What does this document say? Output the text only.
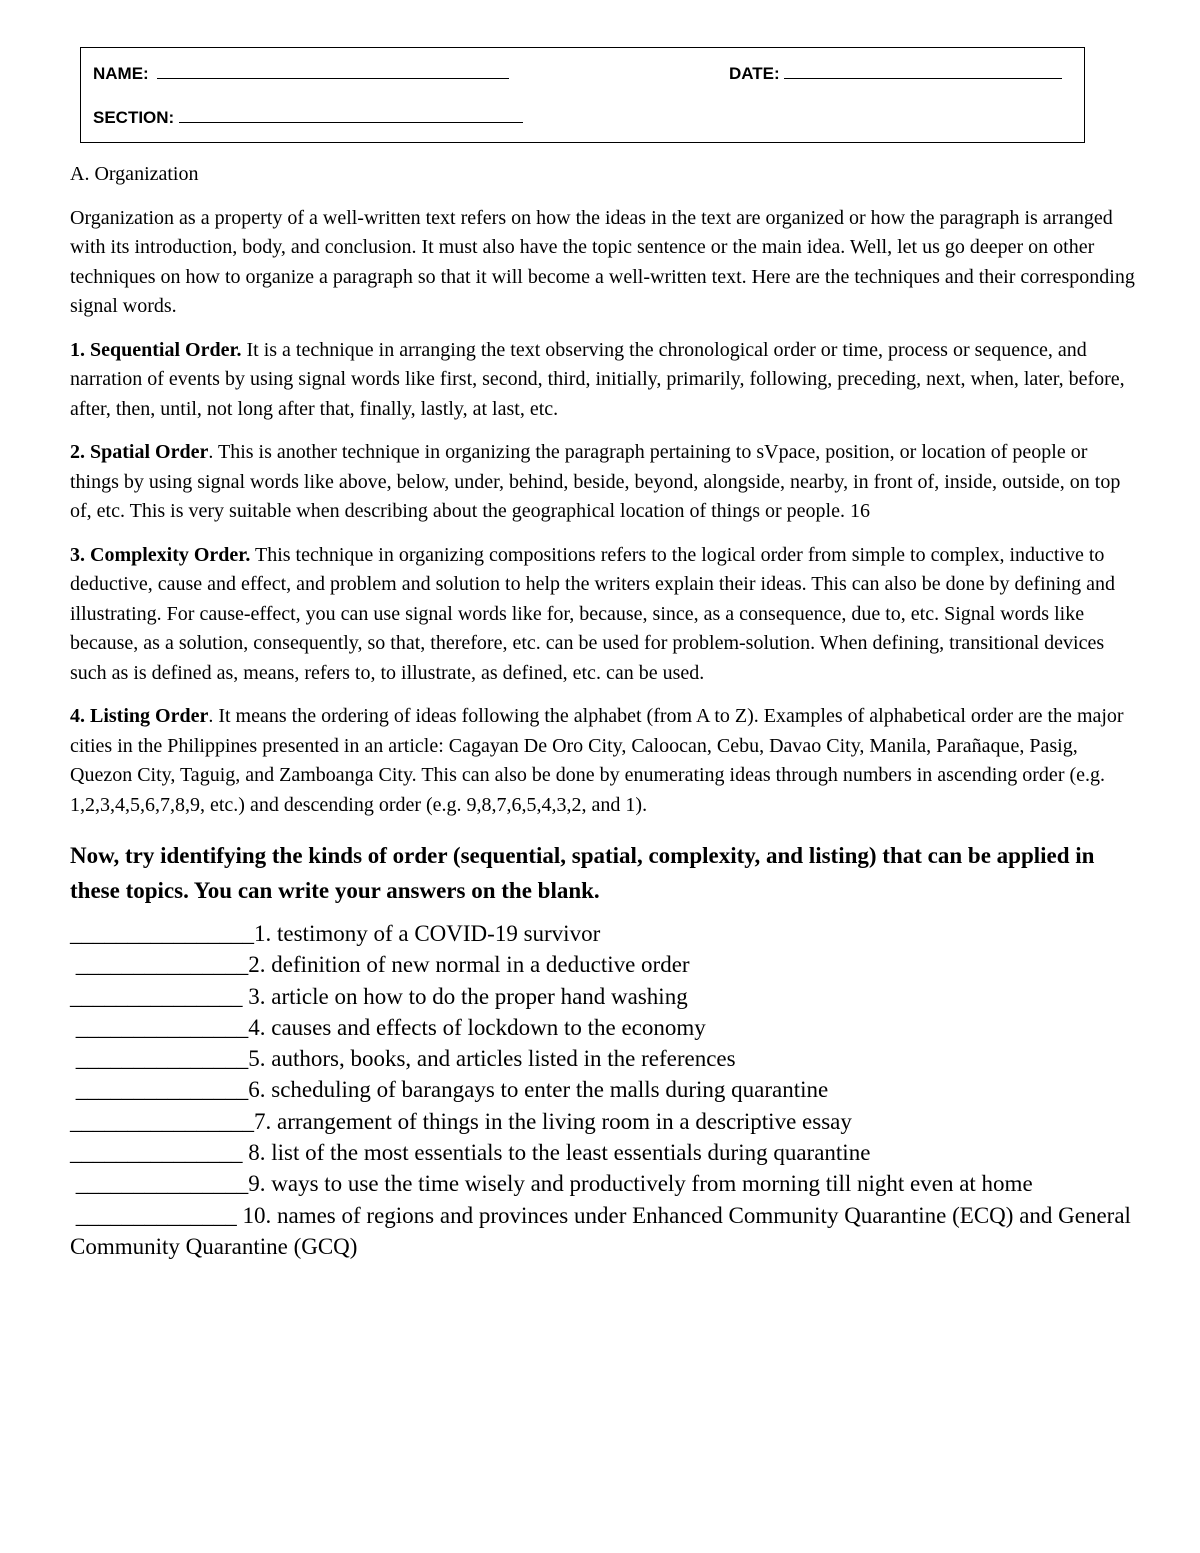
NAME:	DATE:
SECTION:

A. Organization

Organization as a property of a well-written text refers on how the ideas in the text are organized or how the paragraph is arranged with its introduction, body, and conclusion. It must also have the topic sentence or the main idea. Well, let us go deeper on other techniques on how to organize a paragraph so that it will become a well-written text. Here are the techniques and their corresponding signal words.

1. Sequential Order. It is a technique in arranging the text observing the chronological order or time, process or sequence, and narration of events by using signal words like first, second, third, initially, primarily, following, preceding, next, when, later, before, after, then, until, not long after that, finally, lastly, at last, etc.

2. Spatial Order. This is another technique in organizing the paragraph pertaining to sVpace, position, or location of people or things by using signal words like above, below, under, behind, beside, beyond, alongside, nearby, in front of, inside, outside, on top of, etc. This is very suitable when describing about the geographical location of things or people. 16

3. Complexity Order. This technique in organizing compositions refers to the logical order from simple to complex, inductive to deductive, cause and effect, and problem and solution to help the writers explain their ideas. This can also be done by defining and illustrating. For cause-effect, you can use signal words like for, because, since, as a consequence, due to, etc. Signal words like because, as a solution, consequently, so that, therefore, etc. can be used for problem-solution. When defining, transitional devices such as is defined as, means, refers to, to illustrate, as defined, etc. can be used.

4. Listing Order. It means the ordering of ideas following the alphabet (from A to Z). Examples of alphabetical order are the major cities in the Philippines presented in an article: Cagayan De Oro City, Caloocan, Cebu, Davao City, Manila, Parañaque, Pasig, Quezon City, Taguig, and Zamboanga City. This can also be done by enumerating ideas through numbers in ascending order (e.g. 1,2,3,4,5,6,7,8,9, etc.) and descending order (e.g. 9,8,7,6,5,4,3,2, and 1).

Now, try identifying the kinds of order (sequential, spatial, complexity, and listing) that can be applied in these topics. You can write your answers on the blank.

________________1. testimony of a COVID-19 survivor

_______________2. definition of new normal in a deductive order

_______________ 3. article on how to do the proper hand washing

_______________4. causes and effects of lockdown to the economy

_______________5. authors, books, and articles listed in the references

_______________6. scheduling of barangays to enter the malls during quarantine

________________7. arrangement of things in the living room in a descriptive essay

_______________ 8. list of the most essentials to the least essentials during quarantine

_______________9. ways to use the time wisely and productively from morning till night even at home

______________ 10. names of regions and provinces under Enhanced Community Quarantine (ECQ) and General Community Quarantine (GCQ)
